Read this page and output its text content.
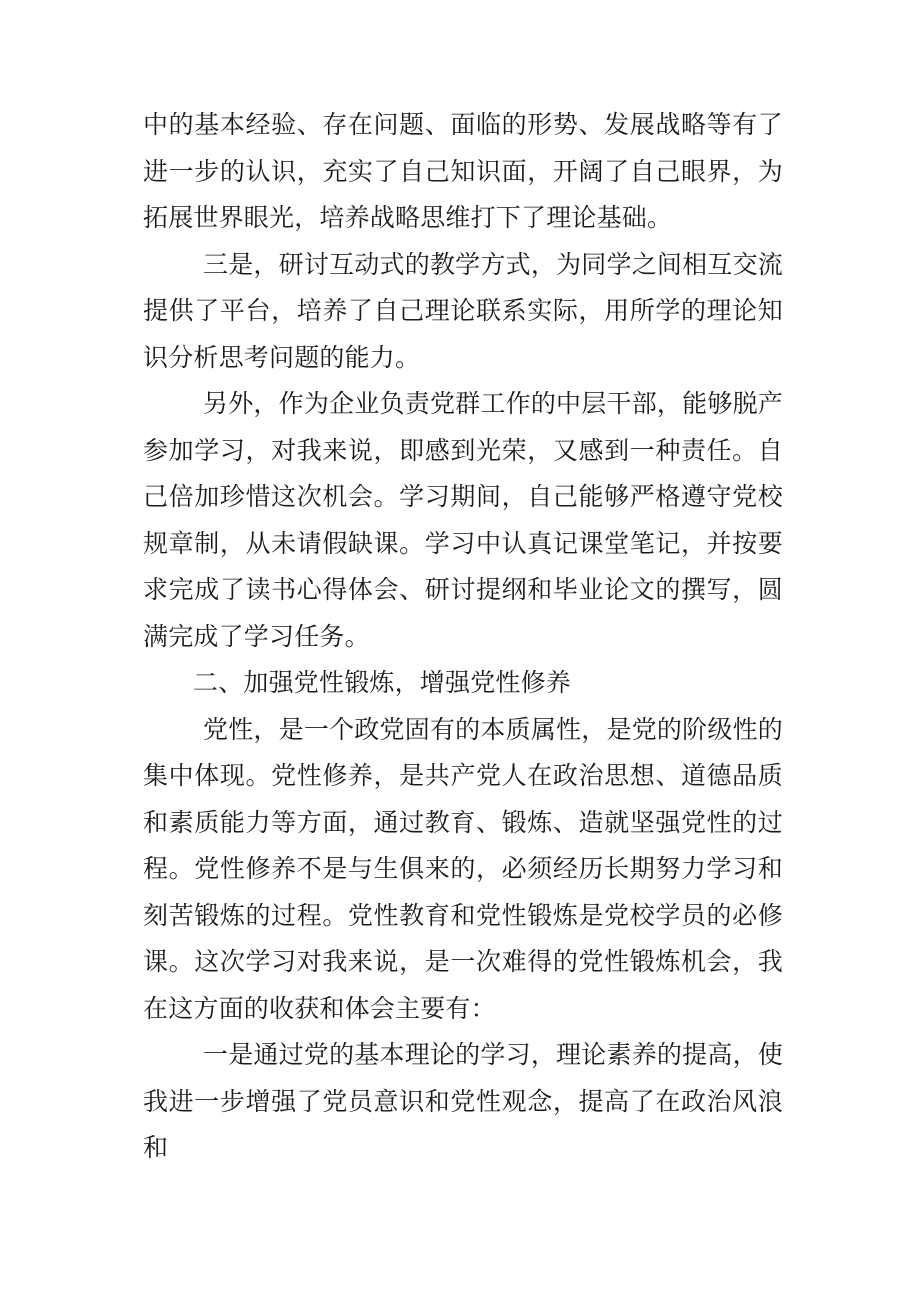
中的基本经验、存在问题、面临的形势、发展战略等有了进一步的认识，充实了自己知识面，开阔了自己眼界，为拓展世界眼光，培养战略思维打下了理论基础。

三是，研讨互动式的教学方式，为同学之间相互交流提供了平台，培养了自己理论联系实际，用所学的理论知识分析思考问题的能力。

另外，作为企业负责党群工作的中层干部，能够脱产参加学习，对我来说，即感到光荣，又感到一种责任。自己倍加珍惜这次机会。学习期间，自己能够严格遵守党校规章制，从未请假缺课。学习中认真记课堂笔记，并按要求完成了读书心得体会、研讨提纲和毕业论文的撰写，圆满完成了学习任务。

二、加强党性锻炼，增强党性修养

党性，是一个政党固有的本质属性，是党的阶级性的集中体现。党性修养，是共产党人在政治思想、道德品质和素质能力等方面，通过教育、锻炼、造就坚强党性的过程。党性修养不是与生俱来的，必须经历长期努力学习和刻苦锻炼的过程。党性教育和党性锻炼是党校学员的必修课。这次学习对我来说，是一次难得的党性锻炼机会，我在这方面的收获和体会主要有：

一是通过党的基本理论的学习，理论素养的提高，使我进一步增强了党员意识和党性观念，提高了在政治风浪和
